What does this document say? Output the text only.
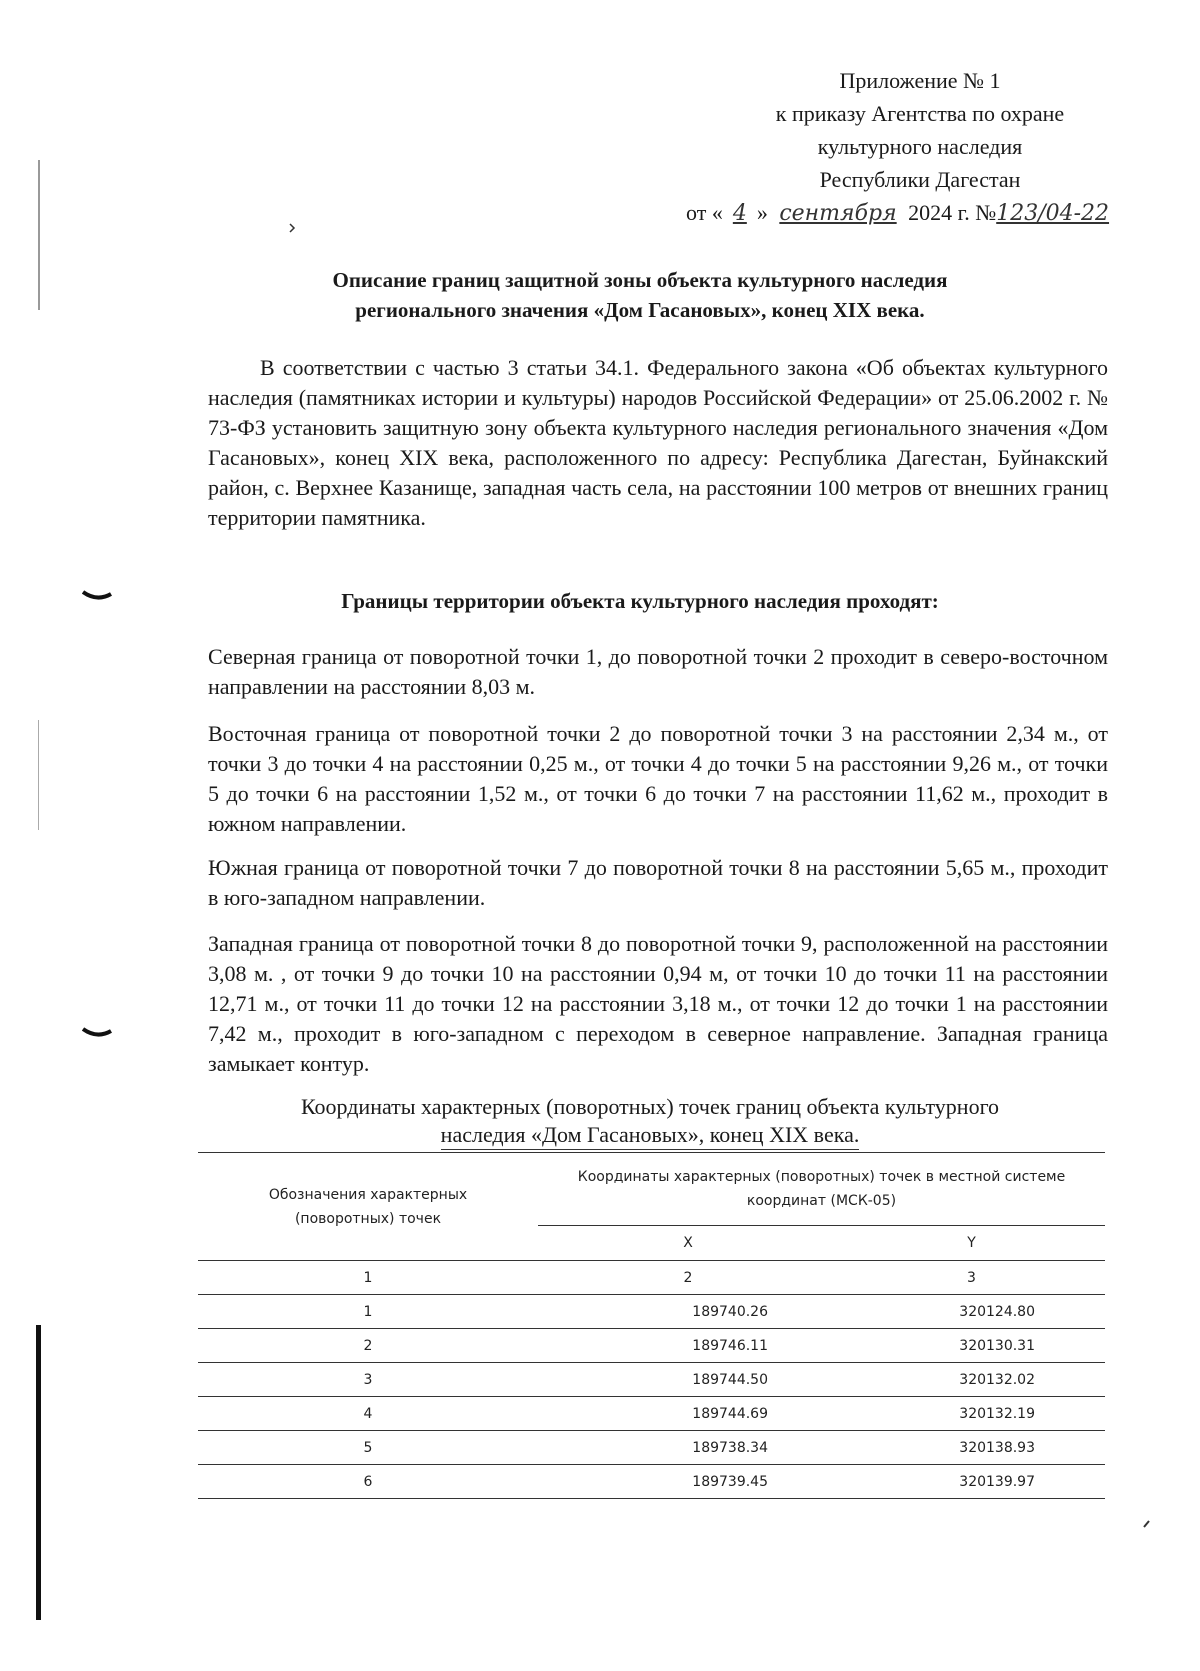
Приложение № 1
к приказу Агентства по охране
культурного наследия
Республики Дагестан
от « 4 » сентября 2024 г. №123/04-22
Описание границ защитной зоны объекта культурного наследия
регионального значения «Дом Гасановых», конец XIX века.
В соответствии с частью 3 статьи 34.1. Федерального закона «Об объектах культурного наследия (памятниках истории и культуры) народов Российской Федерации» от 25.06.2002 г. № 73-ФЗ установить защитную зону объекта культурного наследия регионального значения «Дом Гасановых», конец XIX века, расположенного по адресу: Республика Дагестан, Буйнакский район, с. Верхнее Казанище, западная часть села, на расстоянии 100 метров от внешних границ территории памятника.
Границы территории объекта культурного наследия проходят:
Северная граница от поворотной точки 1, до поворотной точки 2 проходит в северо-восточном направлении на расстоянии 8,03 м.
Восточная граница от поворотной точки 2 до поворотной точки 3 на расстоянии 2,34 м., от точки 3 до точки 4 на расстоянии 0,25 м., от точки 4 до точки 5 на расстоянии 9,26 м., от точки 5 до точки 6 на расстоянии 1,52 м., от точки 6 до точки 7 на расстоянии 11,62 м., проходит в южном направлении.
Южная граница от поворотной точки 7 до поворотной точки 8 на расстоянии 5,65 м., проходит в юго-западном направлении.
Западная граница от поворотной точки 8 до поворотной точки 9, расположенной на расстоянии 3,08 м. , от точки 9 до точки 10 на расстоянии 0,94 м, от точки 10 до точки 11 на расстоянии 12,71 м., от точки 11 до точки 12 на расстоянии 3,18 м., от точки 12 до точки 1 на расстоянии 7,42 м., проходит в юго-западном с переходом в северное направление. Западная граница замыкает контур.
Координаты характерных (поворотных) точек границ объекта культурного
наследия «Дом Гасановых», конец XIX века.
Обозначения характерных (поворотных) точек	Координаты характерных (поворотных) точек в местной системе координат (МСК-05)	
	X	Y
1	2	3
1	189740.26	320124.80
2	189746.11	320130.31
3	189744.50	320132.02
4	189744.69	320132.19
5	189738.34	320138.93
6	189739.45	320139.97
